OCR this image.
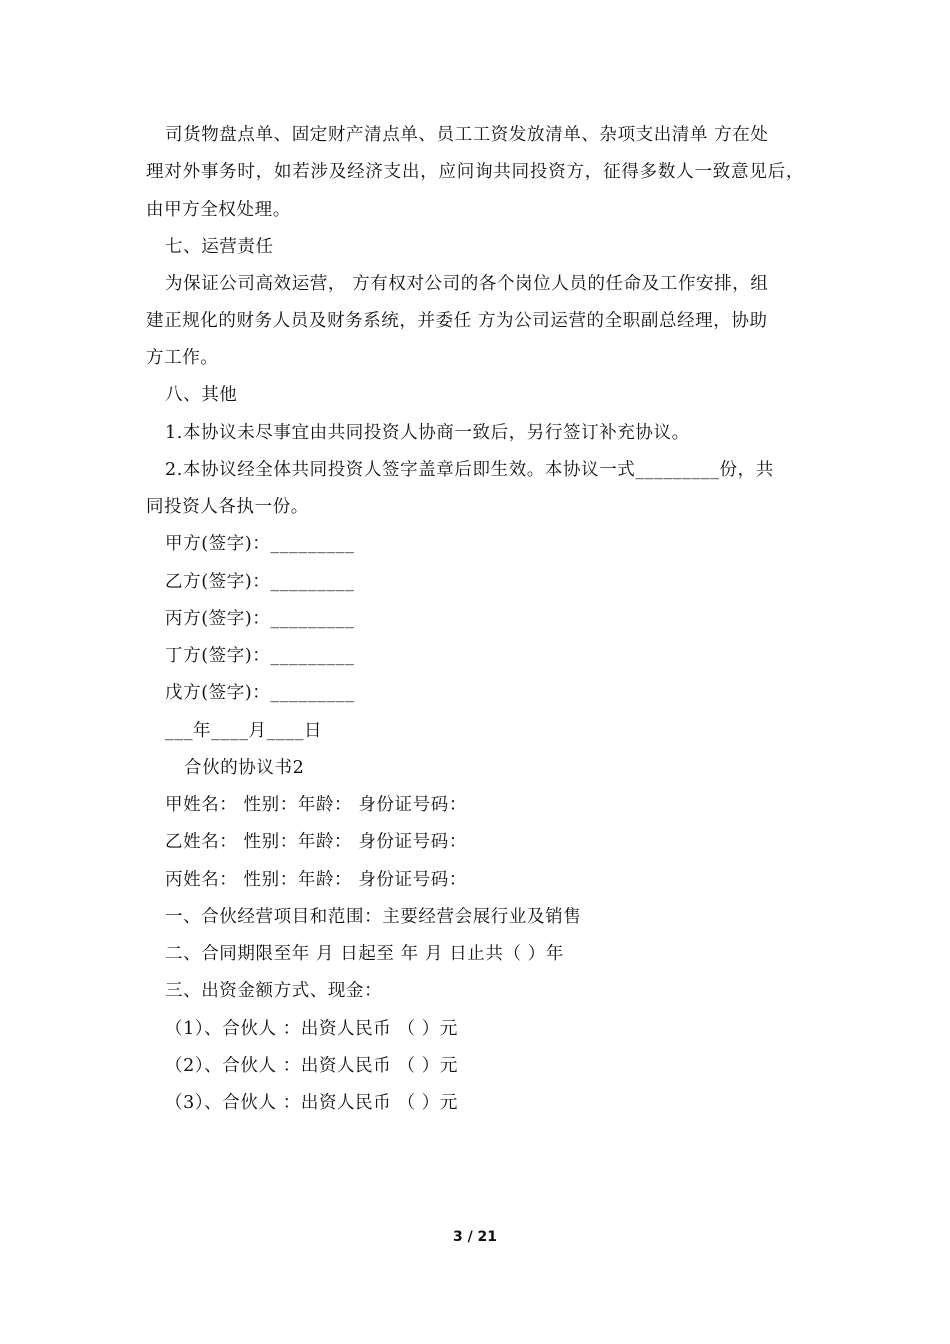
司货物盘点单、固定财产清点单、员工工资发放清单、杂项支出清单 方在处
理对外事务时，如若涉及经济支出，应问询共同投资方，征得多数人一致意见后，
由甲方全权处理。
七、运营责任
为保证公司高效运营， 方有权对公司的各个岗位人员的任命及工作安排，组
建正规化的财务人员及财务系统，并委任 方为公司运营的全职副总经理，协助
方工作。
八、其他
1.本协议未尽事宜由共同投资人协商一致后，另行签订补充协议。
2.本协议经全体共同投资人签字盖章后即生效。本协议一式_________份，共
同投资人各执一份。
甲方(签字)：_________
乙方(签字)：_________
丙方(签字)：_________
丁方(签字)：_________
戊方(签字)：_________
___年____月____日
合伙的协议书2
甲姓名： 性别：年龄： 身份证号码：
乙姓名： 性别：年龄： 身份证号码：
丙姓名： 性别：年龄： 身份证号码：
一、合伙经营项目和范围：主要经营会展行业及销售
二、合同期限至年 月 日起至 年 月 日止共（ ）年
三、出资金额方式、现金：
（1）、合伙人 ：出资人民币 （ ）元
（2）、合伙人 ：出资人民币 （ ）元
（3）、合伙人 ：出资人民币 （ ）元
3 / 21
